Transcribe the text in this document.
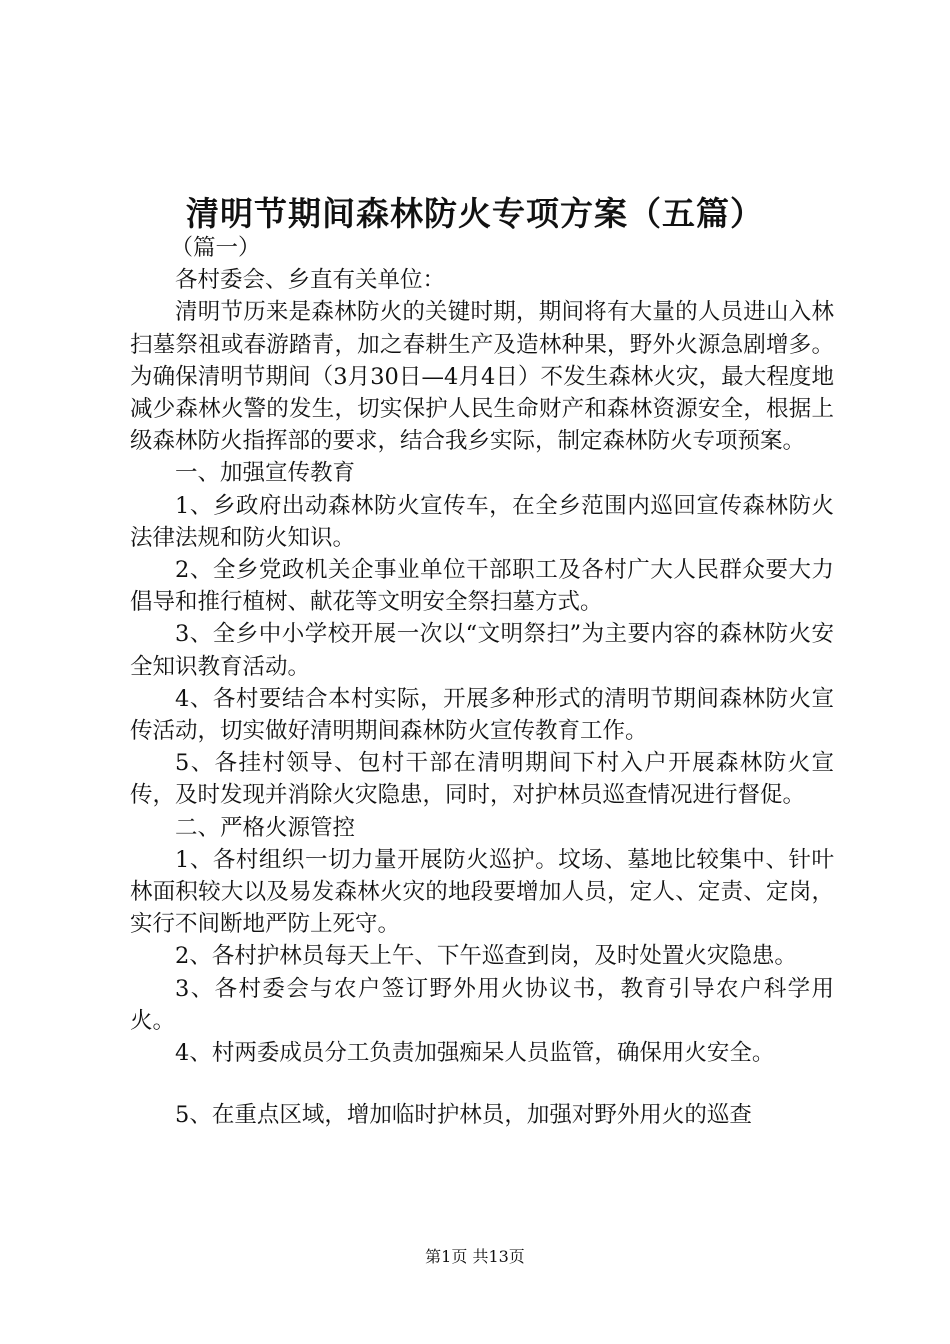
清明节期间森林防火专项方案（五篇）

（篇一）

各村委会、乡直有关单位：

清明节历来是森林防火的关键时期，期间将有大量的人员进山入林扫墓祭祖或春游踏青，加之春耕生产及造林种果，野外火源急剧增多。为确保清明节期间（3月30日—4月4日）不发生森林火灾，最大程度地减少森林火警的发生，切实保护人民生命财产和森林资源安全，根据上级森林防火指挥部的要求，结合我乡实际，制定森林防火专项预案。

一、加强宣传教育

1、乡政府出动森林防火宣传车，在全乡范围内巡回宣传森林防火法律法规和防火知识。

2、全乡党政机关企事业单位干部职工及各村广大人民群众要大力倡导和推行植树、献花等文明安全祭扫墓方式。

3、全乡中小学校开展一次以“文明祭扫”为主要内容的森林防火安全知识教育活动。

4、各村要结合本村实际，开展多种形式的清明节期间森林防火宣传活动，切实做好清明期间森林防火宣传教育工作。

5、各挂村领导、包村干部在清明期间下村入户开展森林防火宣传，及时发现并消除火灾隐患，同时，对护林员巡查情况进行督促。

二、严格火源管控

1、各村组织一切力量开展防火巡护。坟场、墓地比较集中、针叶林面积较大以及易发森林火灾的地段要增加人员，定人、定责、定岗，实行不间断地严防上死守。

2、各村护林员每天上午、下午巡查到岗，及时处置火灾隐患。

3、各村委会与农户签订野外用火协议书，教育引导农户科学用火。

4、村两委成员分工负责加强痴呆人员监管，确保用火安全。

5、在重点区域，增加临时护林员，加强对野外用火的巡查

第1页 共13页
